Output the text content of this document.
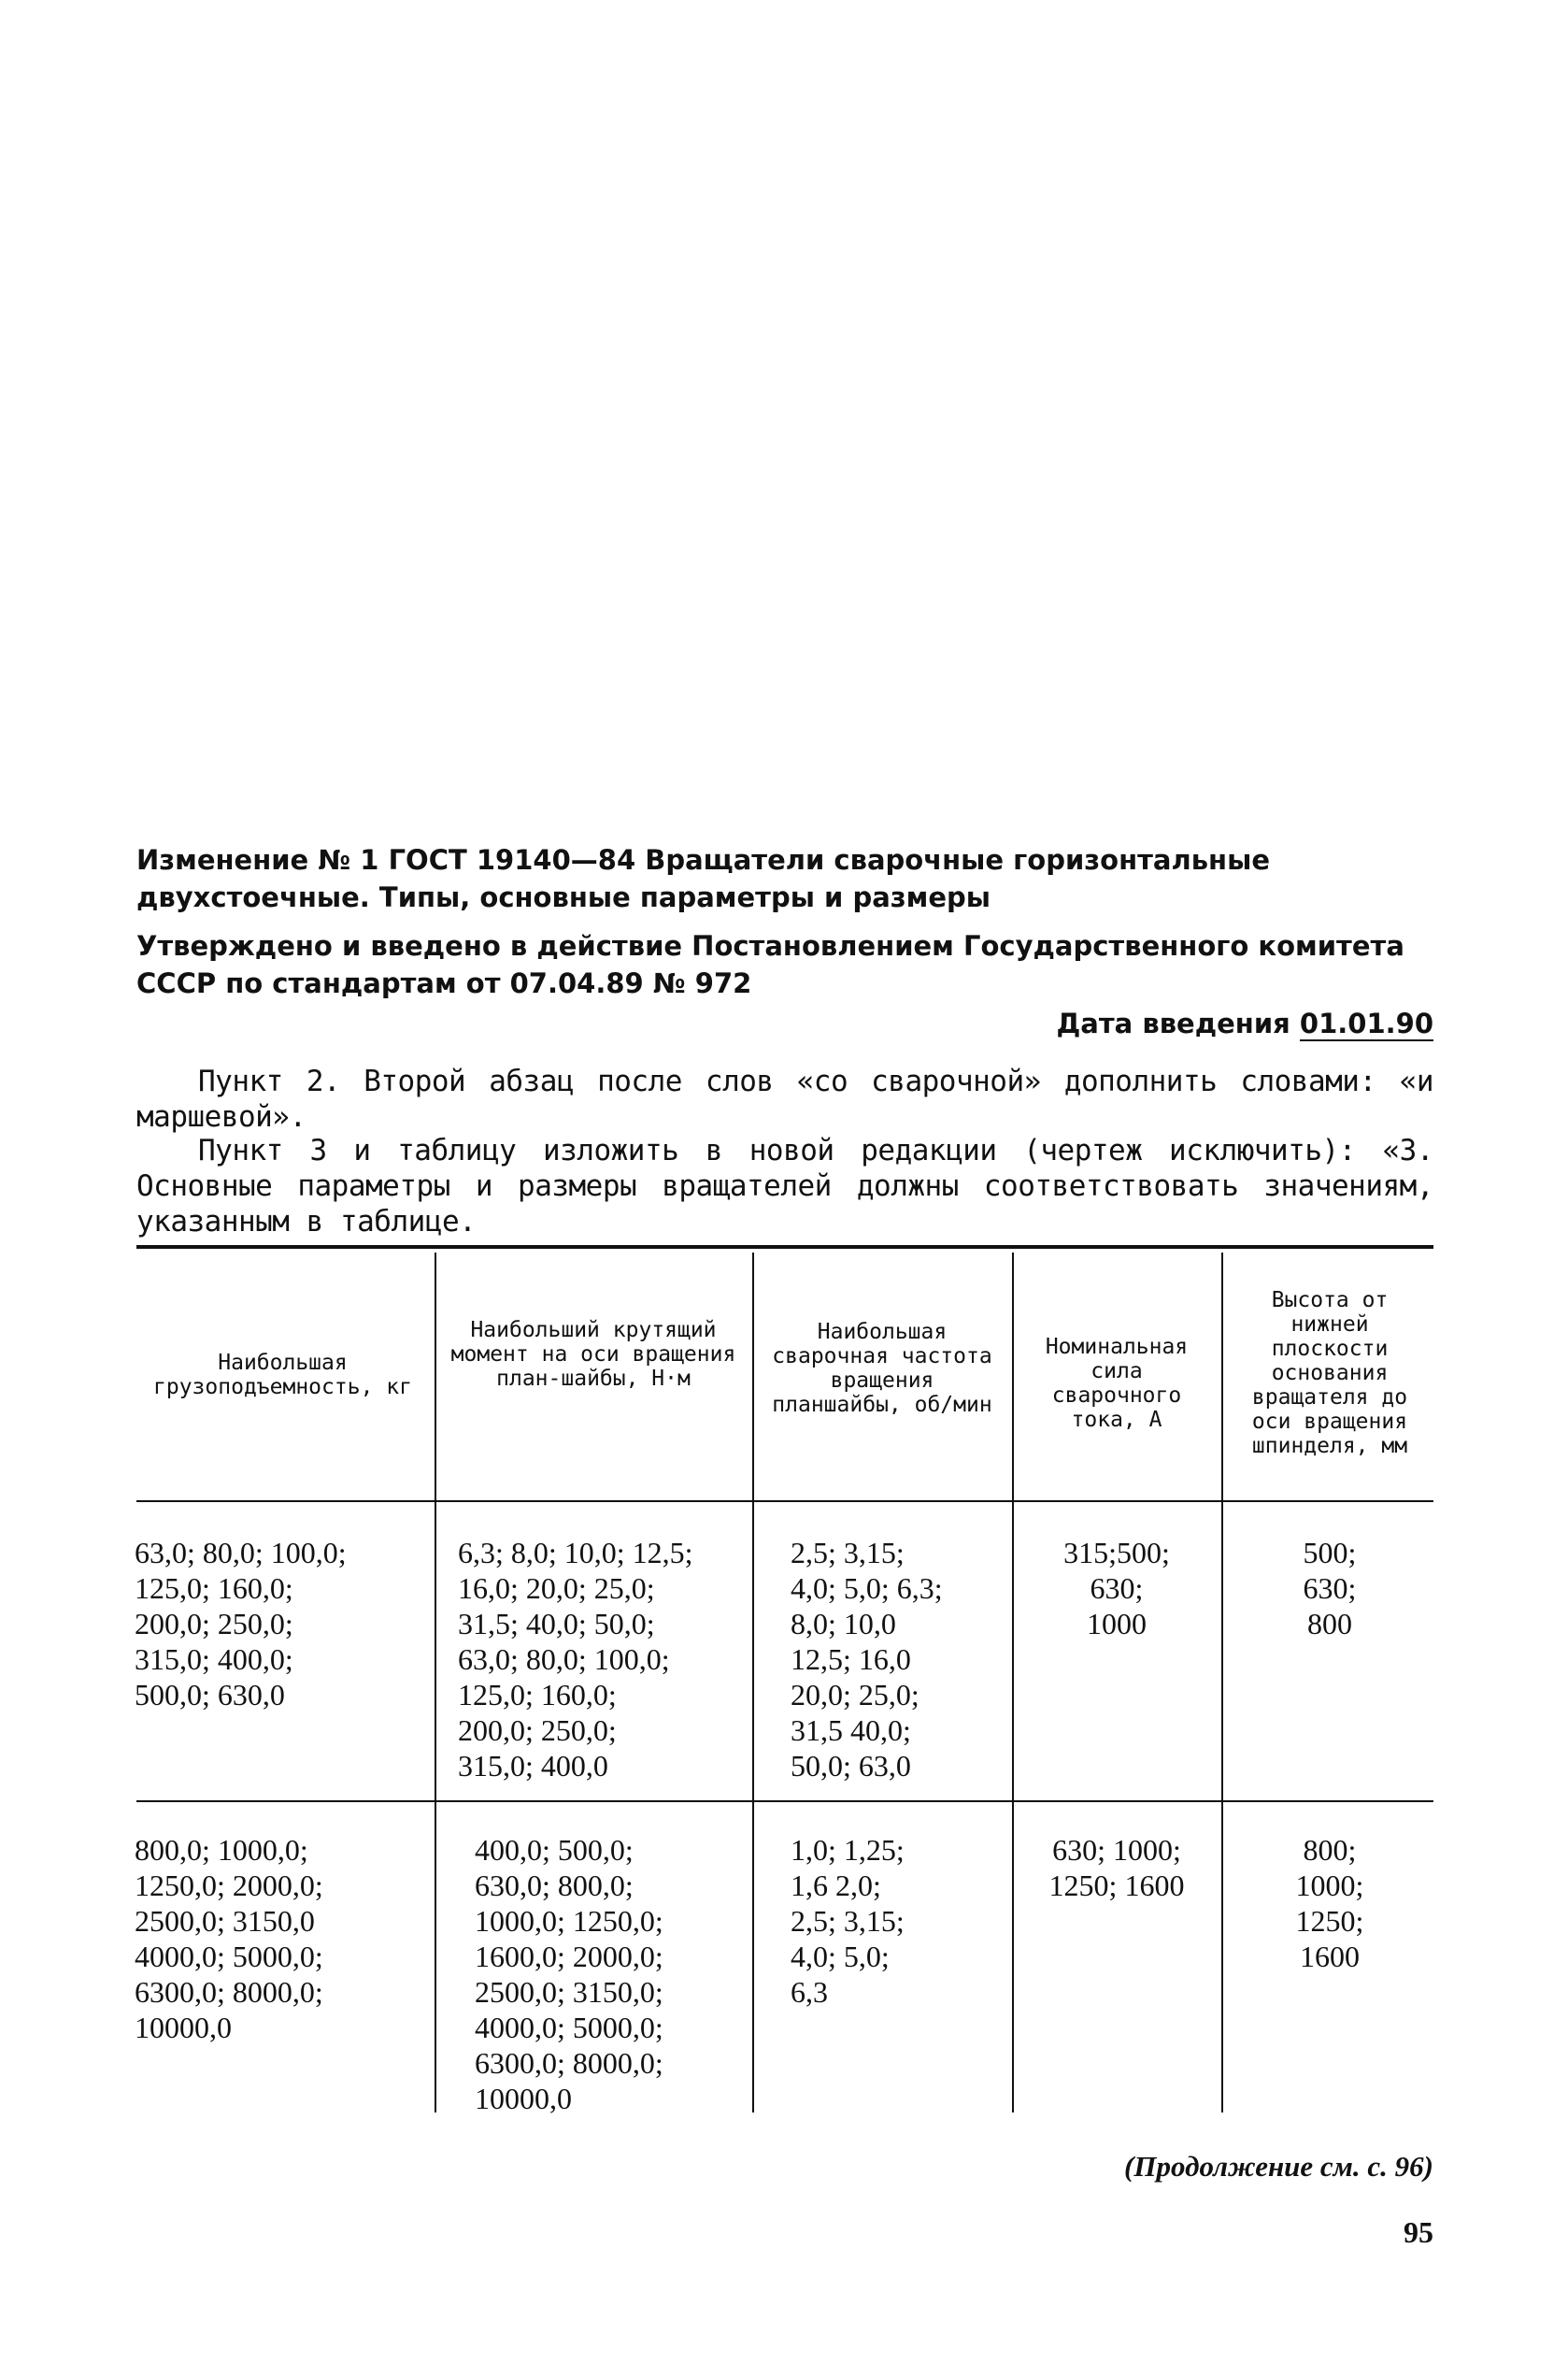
Изменение № 1 ГОСТ 19140—84 Вращатели сварочные горизонтальные двухстоечные. Типы, основные параметры и размеры
Утверждено и введено в действие Постановлением Государственного комитета СССР по стандартам от 07.04.89 № 972
Дата введения 01.01.90
Пункт 2. Второй абзац после слов «со сварочной» дополнить словами: «и маршевой».
Пункт 3 и таблицу изложить в новой редакции (чертеж исключить): «3. Основные параметры и размеры вращателей должны соответствовать значениям, указанным в таблице.
Наибольшая грузоподъемность, кг
Наибольший крутящий момент на оси вращения план-шайбы, Н·м
Наибольшая сварочная частота вращения планшайбы, об/мин
Номинальная сила сварочного тока, А
Высота от нижней плоскости основания вращателя до оси вращения шпинделя, мм
63,0; 80,0; 100,0;
125,0; 160,0;
200,0; 250,0;
315,0; 400,0;
500,0; 630,0
6,3; 8,0; 10,0; 12,5;
16,0; 20,0; 25,0;
31,5; 40,0; 50,0;
63,0; 80,0; 100,0;
125,0; 160,0;
200,0; 250,0;
315,0; 400,0
2,5; 3,15;
4,0; 5,0; 6,3;
8,0; 10,0
12,5; 16,0
20,0; 25,0;
31,5 40,0;
50,0; 63,0
315;500;
630;
1000
500;
630;
800
800,0; 1000,0;
1250,0; 2000,0;
2500,0; 3150,0
4000,0; 5000,0;
6300,0; 8000,0;
10000,0
400,0; 500,0;
630,0; 800,0;
1000,0; 1250,0;
1600,0; 2000,0;
2500,0; 3150,0;
4000,0; 5000,0;
6300,0; 8000,0;
10000,0
1,0; 1,25;
1,6 2,0;
2,5; 3,15;
4,0; 5,0;
6,3
630; 1000;
1250; 1600
800;
1000;
1250;
1600
(Продолжение см. с. 96)
95
